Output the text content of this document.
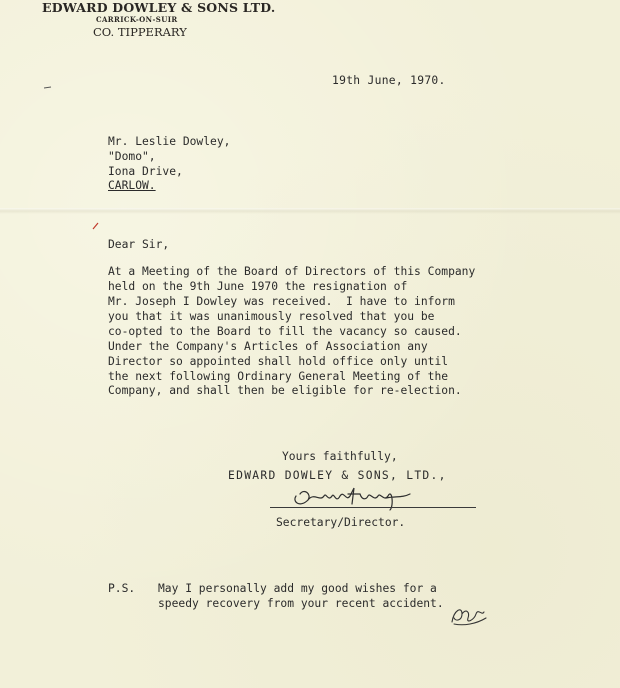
EDWARD DOWLEY & SONS LTD.
CARRICK-ON-SUIR
CO. TIPPERARY
19th June, 1970.
Mr. Leslie Dowley,
"Domo",
Iona Drive,
CARLOW.
Dear Sir,
At a Meeting of the Board of Directors of this Company
held on the 9th June 1970 the resignation of
Mr. Joseph I Dowley was received.  I have to inform
you that it was unanimously resolved that you be
co-opted to the Board to fill the vacancy so caused.
Under the Company's Articles of Association any
Director so appointed shall hold office only until
the next following Ordinary General Meeting of the
Company, and shall then be eligible for re-election.
Yours faithfully,
EDWARD DOWLEY & SONS, LTD.,
Secretary/Director.
P.S. May I personally add my good wishes for a
speedy recovery from your recent accident.
